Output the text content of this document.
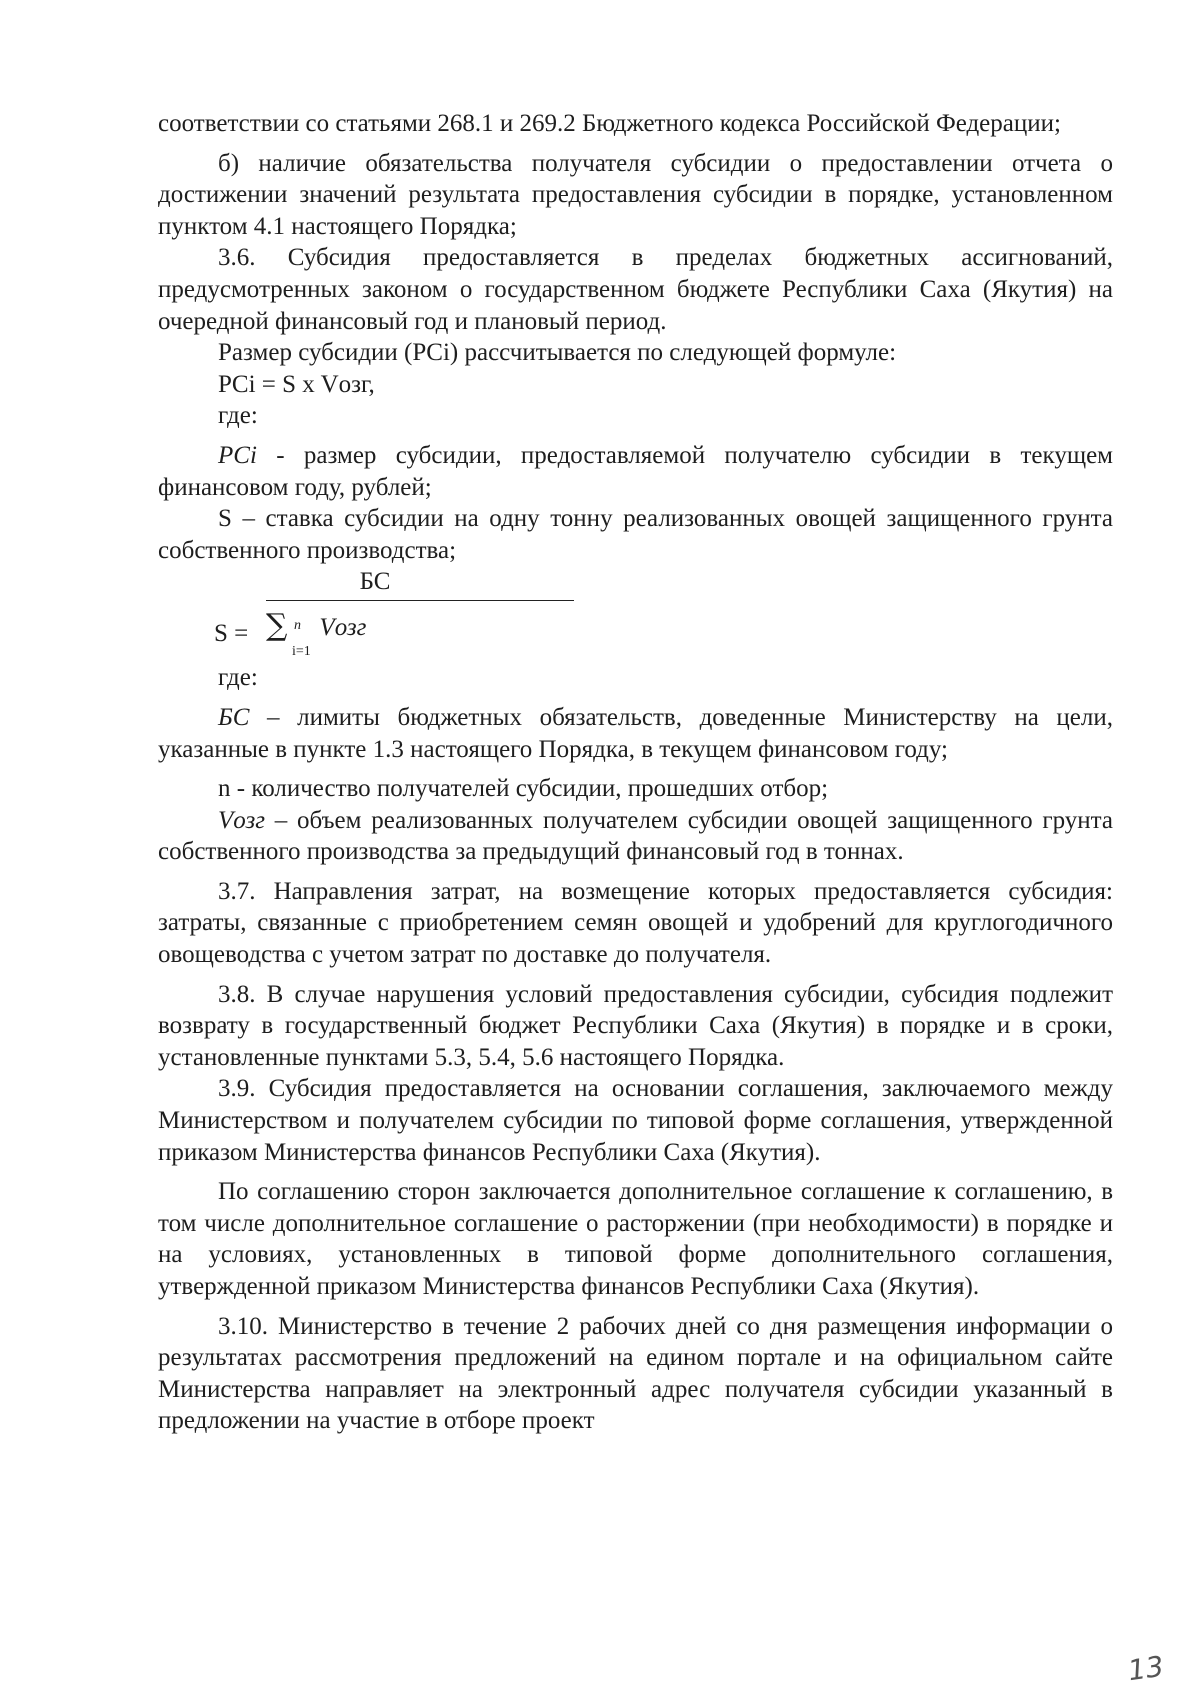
соответствии со статьями 268.1 и 269.2 Бюджетного кодекса Российской Федерации;

б) наличие обязательства получателя субсидии о предоставлении отчета о достижении значений результата предоставления субсидии в порядке, установленном пунктом 4.1 настоящего Порядка;

3.6. Субсидия предоставляется в пределах бюджетных ассигнований, предусмотренных законом о государственном бюджете Республики Саха (Якутия) на очередной финансовый год и плановый период.

Размер субсидии (PCi) рассчитывается по следующей формуле:

PCi = S x Vозг,

где:

PCi - размер субсидии, предоставляемой получателю субсидии в текущем финансовом году, рублей;

S – ставка субсидии на одну тонну реализованных овощей защищенного грунта собственного производства;

БС
S = ∑ n
i=1
Vозг

где:

БС – лимиты бюджетных обязательств, доведенные Министерству на цели, указанные в пункте 1.3 настоящего Порядка, в текущем финансовом году;

n - количество получателей субсидии, прошедших отбор;

Vозг – объем реализованных получателем субсидии овощей защищенного грунта собственного производства за предыдущий финансовый год в тоннах.

3.7. Направления затрат, на возмещение которых предоставляется субсидия: затраты, связанные с приобретением семян овощей и удобрений для круглогодичного овощеводства с учетом затрат по доставке до получателя.

3.8. В случае нарушения условий предоставления субсидии, субсидия подлежит возврату в государственный бюджет Республики Саха (Якутия) в порядке и в сроки, установленные пунктами 5.3, 5.4, 5.6 настоящего Порядка.

3.9. Субсидия предоставляется на основании соглашения, заключаемого между Министерством и получателем субсидии по типовой форме соглашения, утвержденной приказом Министерства финансов Республики Саха (Якутия).

По соглашению сторон заключается дополнительное соглашение к соглашению, в том числе дополнительное соглашение о расторжении (при необходимости) в порядке и на условиях, установленных в типовой форме дополнительного соглашения, утвержденной приказом Министерства финансов Республики Саха (Якутия).

3.10. Министерство в течение 2 рабочих дней со дня размещения информации о результатах рассмотрения предложений на едином портале и на официальном сайте Министерства направляет на электронный адрес получателя субсидии указанный в предложении на участие в отборе проект

13
